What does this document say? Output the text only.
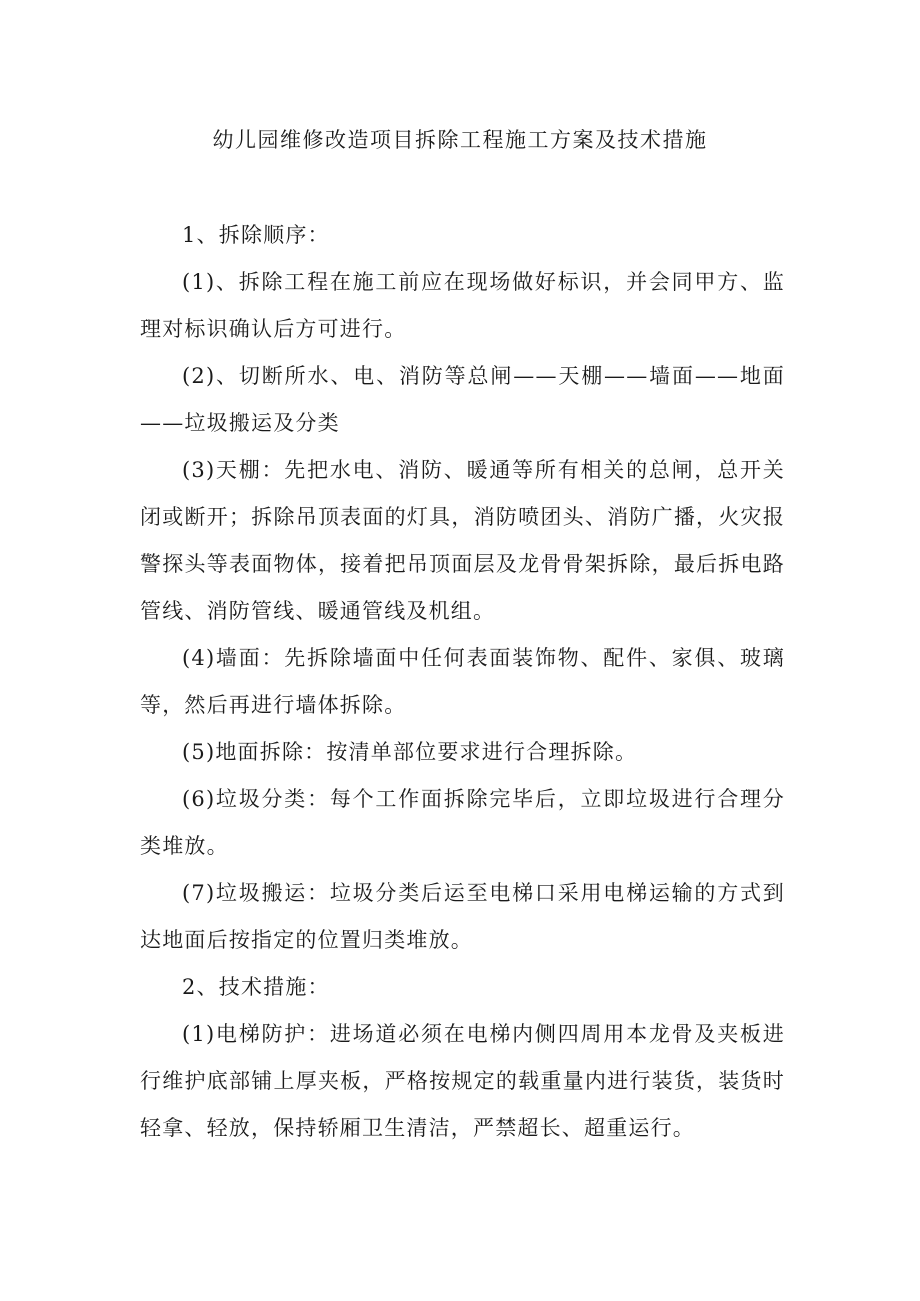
幼儿园维修改造项目拆除工程施工方案及技术措施

1、拆除顺序：

(1)、拆除工程在施工前应在现场做好标识，并会同甲方、监理对标识确认后方可进行。

(2)、切断所水、电、消防等总闸——天棚——墙面——地面——垃圾搬运及分类

(3)天棚：先把水电、消防、暖通等所有相关的总闸，总开关闭或断开；拆除吊顶表面的灯具，消防喷团头、消防广播，火灾报警探头等表面物体，接着把吊顶面层及龙骨骨架拆除，最后拆电路管线、消防管线、暖通管线及机组。

(4)墙面：先拆除墙面中任何表面装饰物、配件、家俱、玻璃等，然后再进行墙体拆除。

(5)地面拆除：按清单部位要求进行合理拆除。

(6)垃圾分类：每个工作面拆除完毕后，立即垃圾进行合理分类堆放。

(7)垃圾搬运：垃圾分类后运至电梯口采用电梯运输的方式到达地面后按指定的位置归类堆放。

2、技术措施：

(1)电梯防护：进场道必须在电梯内侧四周用本龙骨及夹板进行维护底部铺上厚夹板，严格按规定的载重量内进行装货，装货时轻拿、轻放，保持轿厢卫生清洁，严禁超长、超重运行。
